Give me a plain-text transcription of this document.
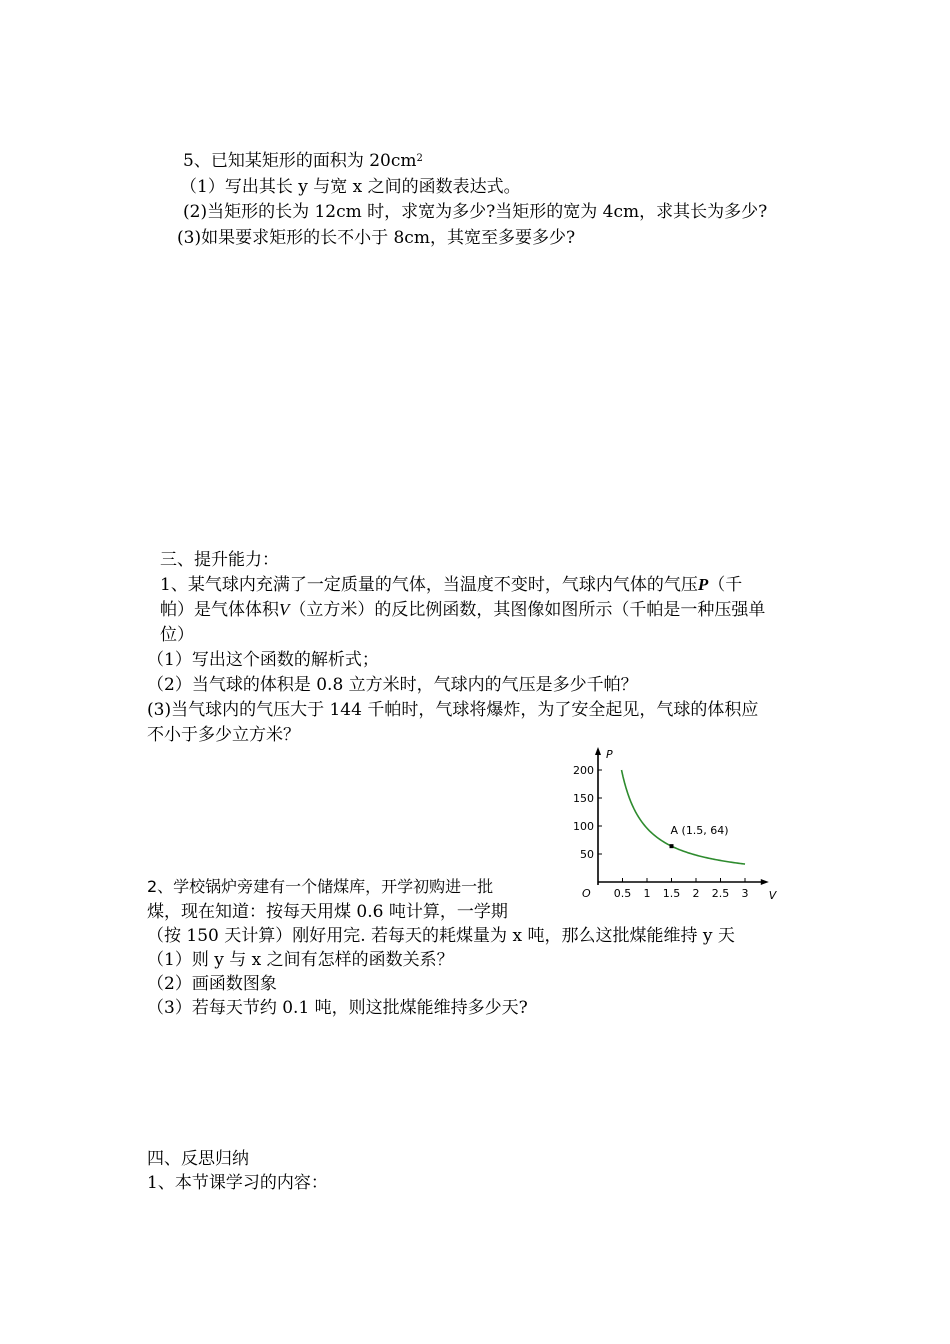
5、已知某矩形的面积为 $20cm^2$
（1）写出其长 y 与宽 x 之间的函数表达式。
(2)当矩形的长为 12cm 时，求宽为多少?当矩形的宽为 4cm，求其长为多少?
(3)如果要求矩形的长不小于 8cm，其宽至多要多少?
三、提升能力：
1、某气球内充满了一定质量的气体，当温度不变时，气球内气体的气压P（千
帕）是气体体积V（立方米）的反比例函数，其图像如图所示（千帕是一种压强单
位）
（1）写出这个函数的解析式；
（2）当气球的体积是 0.8 立方米时，气球内的气压是多少千帕？
(3)当气球内的气压大于 144 千帕时，气球将爆炸，为了安全起见，气球的体积应
不小于多少立方米？
V
P
O 0.5 1 1.5 2 2.5 3
50
100
150
200
A (1.5, 64)
2、学校锅炉旁建有一个储煤库，开学初购进一批
煤，现在知道：按每天用煤 0.6 吨计算，一学期
（按 150 天计算）刚好用完. 若每天的耗煤量为 x 吨，那么这批煤能维持 y 天
（1）则 y 与 x 之间有怎样的函数关系？
（2）画函数图象
（3）若每天节约 0.1 吨，则这批煤能维持多少天?
四、反思归纳
1、本节课学习的内容：
